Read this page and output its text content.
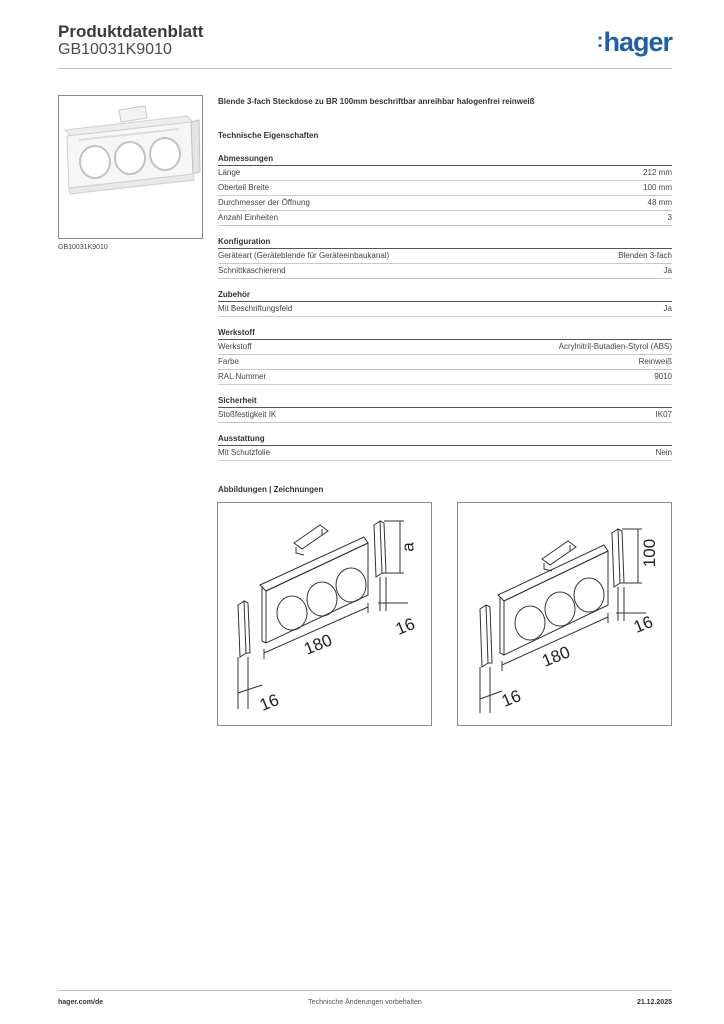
Produktdatenblatt
GB10031K9010	:hager
GB10031K9010
Blende 3-fach Steckdose zu BR 100mm beschriftbar anreihbar halogenfrei reinweiß
Technische Eigenschaften
Abmessungen
Länge	212 mm
Oberteil Breite	100 mm
Durchmesser der Öffnung	48 mm
Anzahl Einheiten	3
Konfiguration
Geräteart (Geräteblende für Geräteeinbaukanal)	Blenden 3-fach
Schnittkaschierend	Ja
Zubehör
Mit Beschriftungsfeld	Ja
Werkstoff
Werkstoff	Acrylnitril-Butadien-Styrol (ABS)
Farbe	Reinweiß
RAL Nummer	9010
Sicherheit
Stoßfestigkeit IK	IK07
Ausstattung
Mit Schutzfolie	Nein
Abbildungen | Zeichnungen
180
a
16
16
180
100
16
16
hager.com/de	Technische Änderungen vorbehalten	21.12.2025
